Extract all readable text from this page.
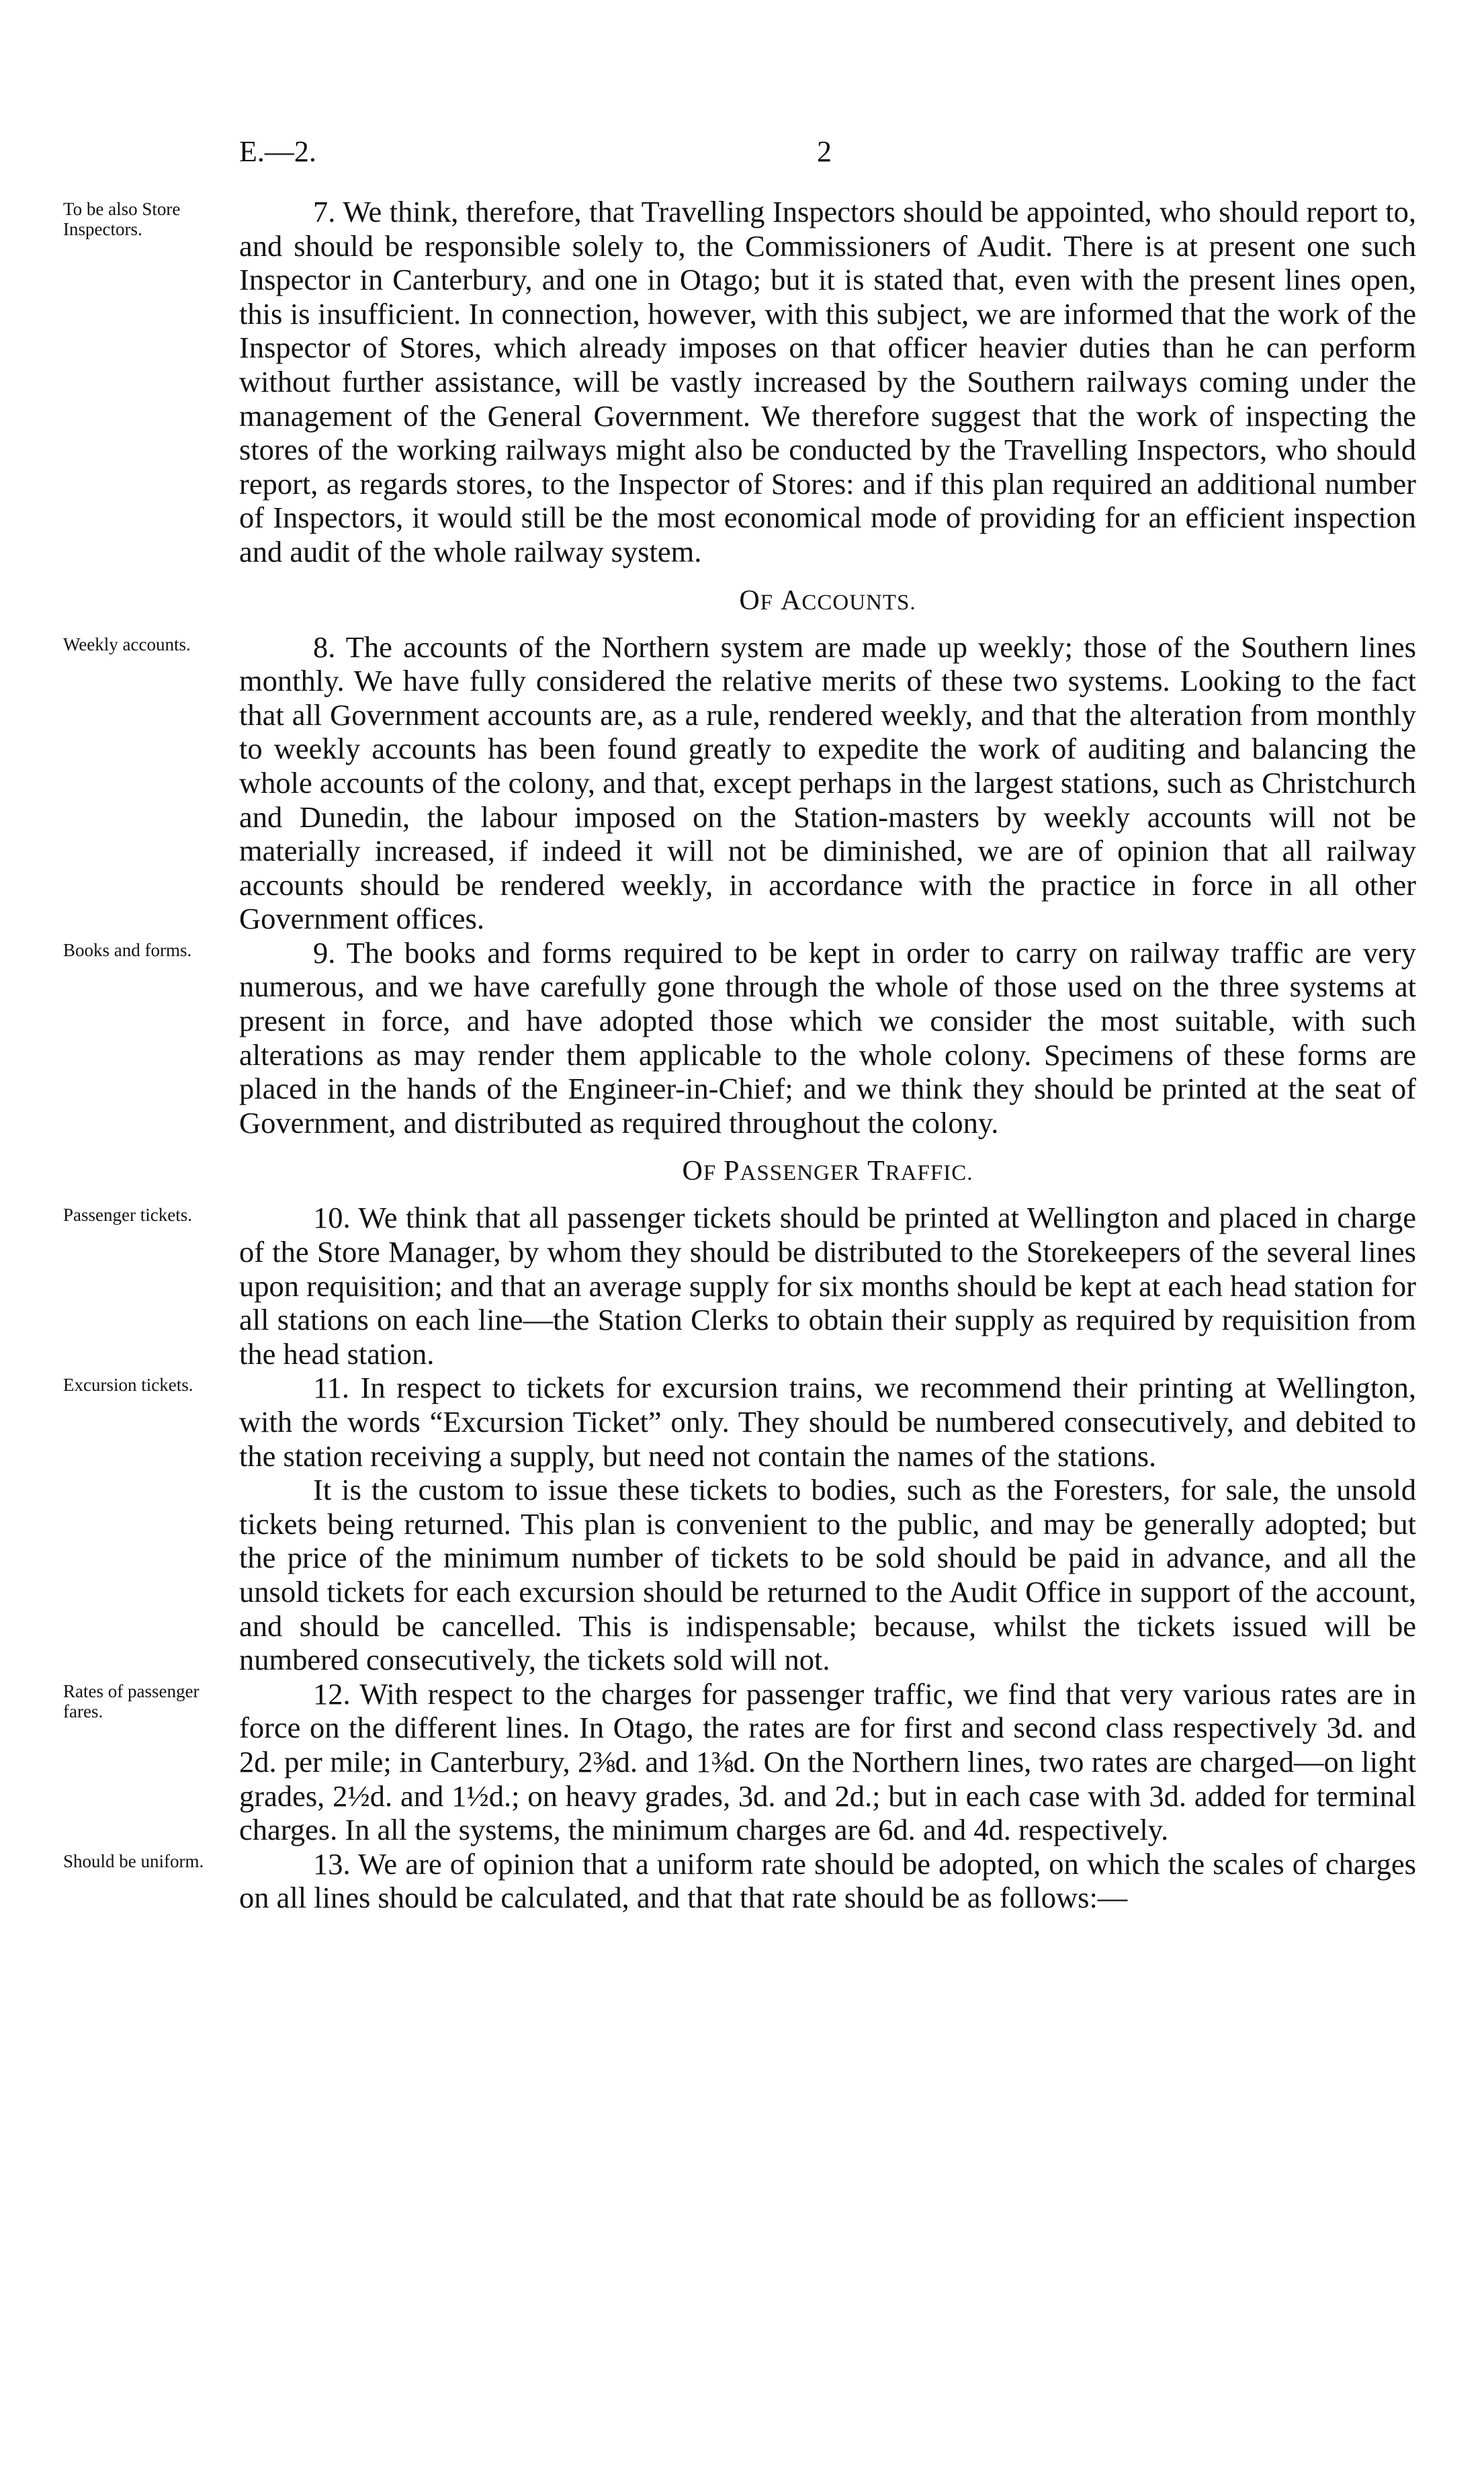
E.—2.	2

To be also Store Inspectors.
7. We think, therefore, that Travelling Inspectors should be appointed, who should report to, and should be responsible solely to, the Commissioners of Audit. There is at present one such Inspector in Canterbury, and one in Otago; but it is stated that, even with the present lines open, this is insufficient. In connection, however, with this subject, we are informed that the work of the Inspector of Stores, which already imposes on that officer heavier duties than he can perform without further assistance, will be vastly increased by the Southern railways coming under the management of the General Government. We therefore suggest that the work of inspecting the stores of the working railways might also be conducted by the Travelling Inspectors, who should report, as regards stores, to the Inspector of Stores: and if this plan required an additional number of Inspectors, it would still be the most economical mode of providing for an efficient inspection and audit of the whole railway system.

OF ACCOUNTS.

Weekly accounts.	8. The accounts of the Northern system are made up weekly; those of the Southern lines monthly. We have fully considered the relative merits of these two systems. Looking to the fact that all Government accounts are, as a rule, rendered weekly, and that the alteration from monthly to weekly accounts has been found greatly to expedite the work of auditing and balancing the whole accounts of the colony, and that, except perhaps in the largest stations, such as Christchurch and Dunedin, the labour imposed on the Station-masters by weekly accounts will not be materially increased, if indeed it will not be diminished, we are of opinion that all railway accounts should be rendered weekly, in accordance with the practice in force in all other Government offices.

Books and forms.	9. The books and forms required to be kept in order to carry on railway traffic are very numerous, and we have carefully gone through the whole of those used on the three systems at present in force, and have adopted those which we consider the most suitable, with such alterations as may render them applicable to the whole colony. Specimens of these forms are placed in the hands of the Engineer-in-Chief; and we think they should be printed at the seat of Government, and distributed as required throughout the colony.

OF PASSENGER TRAFFIC.

Passenger tickets.	10. We think that all passenger tickets should be printed at Wellington and placed in charge of the Store Manager, by whom they should be distributed to the Storekeepers of the several lines upon requisition; and that an average supply for six months should be kept at each head station for all stations on each line—the Station Clerks to obtain their supply as required by requisition from the head station.

Excursion tickets.	11. In respect to tickets for excursion trains, we recommend their printing at Wellington, with the words “Excursion Ticket” only. They should be numbered consecutively, and debited to the station receiving a supply, but need not contain the names of the stations.

It is the custom to issue these tickets to bodies, such as the Foresters, for sale, the unsold tickets being returned. This plan is convenient to the public, and may be generally adopted; but the price of the minimum number of tickets to be sold should be paid in advance, and all the unsold tickets for each excursion should be returned to the Audit Office in support of the account, and should be cancelled. This is indispensable; because, whilst the tickets issued will be numbered consecutively, the tickets sold will not.

Rates of passenger fares.
12. With respect to the charges for passenger traffic, we find that very various rates are in force on the different lines. In Otago, the rates are for first and second class respectively 3d. and 2d. per mile; in Canterbury, 2⅜d. and 1⅜d. On the Northern lines, two rates are charged—on light grades, 2½d. and 1½d.; on heavy grades, 3d. and 2d.; but in each case with 3d. added for terminal charges. In all the systems, the minimum charges are 6d. and 4d. respectively.

Should be uniform.	13. We are of opinion that a uniform rate should be adopted, on which the scales of charges on all lines should be calculated, and that that rate should be as follows:—
